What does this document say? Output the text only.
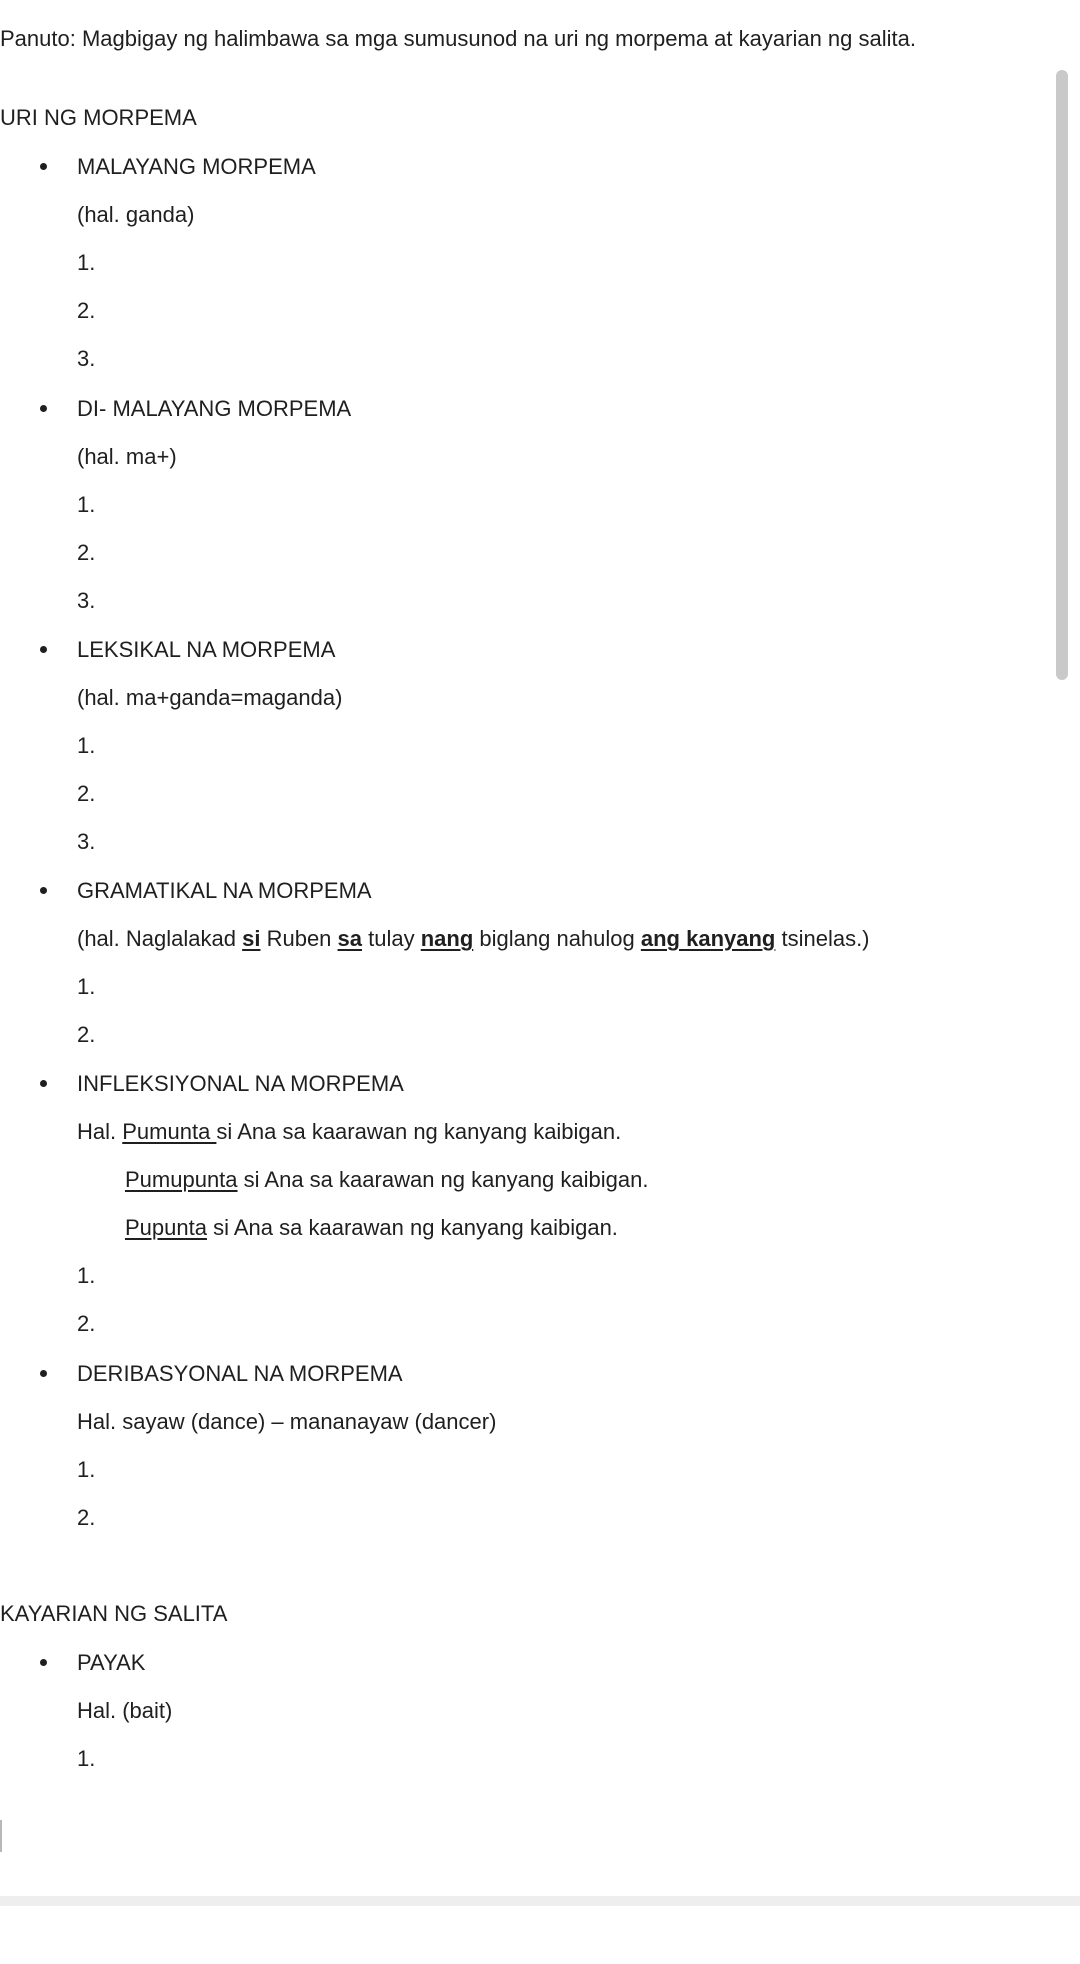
Panuto: Magbigay ng halimbawa sa mga sumusunod na uri ng morpema at kayarian ng salita.
URI NG MORPEMA
MALAYANG MORPEMA
(hal. ganda)
1.
2.
3.
DI- MALAYANG MORPEMA
(hal. ma+)
1.
2.
3.
LEKSIKAL NA MORPEMA
(hal. ma+ganda=maganda)
1.
2.
3.
GRAMATIKAL NA MORPEMA
(hal. Naglalakad si Ruben sa tulay nang biglang nahulog ang kanyang tsinelas.)
1.
2.
INFLEKSIYONAL NA MORPEMA
Hal. Pumunta si Ana sa kaarawan ng kanyang kaibigan.
Pumupunta si Ana sa kaarawan ng kanyang kaibigan.
Pupunta si Ana sa kaarawan ng kanyang kaibigan.
1.
2.
DERIBASYONAL NA MORPEMA
Hal. sayaw (dance) – mananayaw (dancer)
1.
2.
KAYARIAN NG SALITA
PAYAK
Hal. (bait)
1.
